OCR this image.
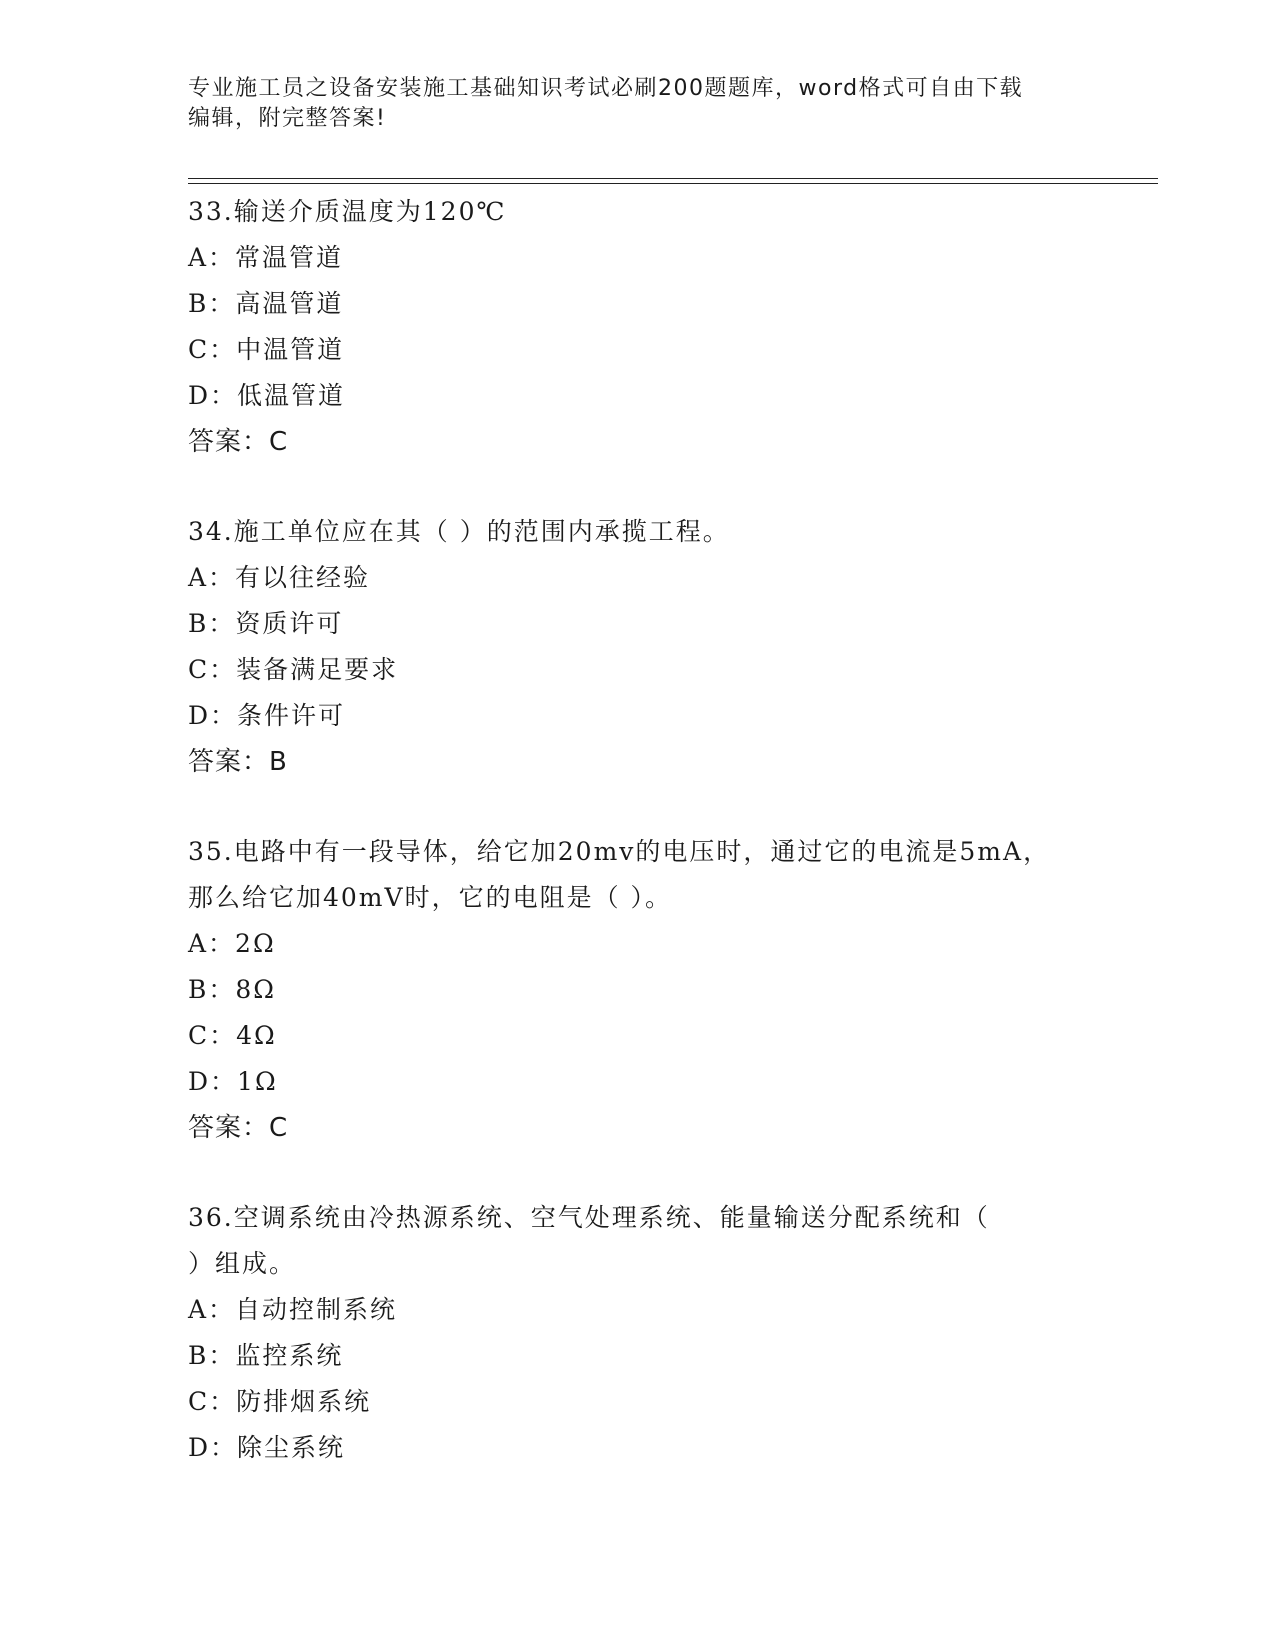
专业施工员之设备安装施工基础知识考试必刷200题题库，word格式可自由下载
编辑，附完整答案!
33.输送介质温度为120℃
A：常温管道
B：高温管道
C：中温管道
D：低温管道
答案：C
34.施工单位应在其（ ）的范围内承揽工程。
A：有以往经验
B：资质许可
C：装备满足要求
D：条件许可
答案：B
35.电路中有一段导体，给它加20mv的电压时，通过它的电流是5mA，
那么给它加40mV时，它的电阻是（ ）。
A：2Ω
B：8Ω
C：4Ω
D：1Ω
答案：C
36.空调系统由冷热源系统、空气处理系统、能量输送分配系统和（
）组成。
A：自动控制系统
B：监控系统
C：防排烟系统
D：除尘系统
